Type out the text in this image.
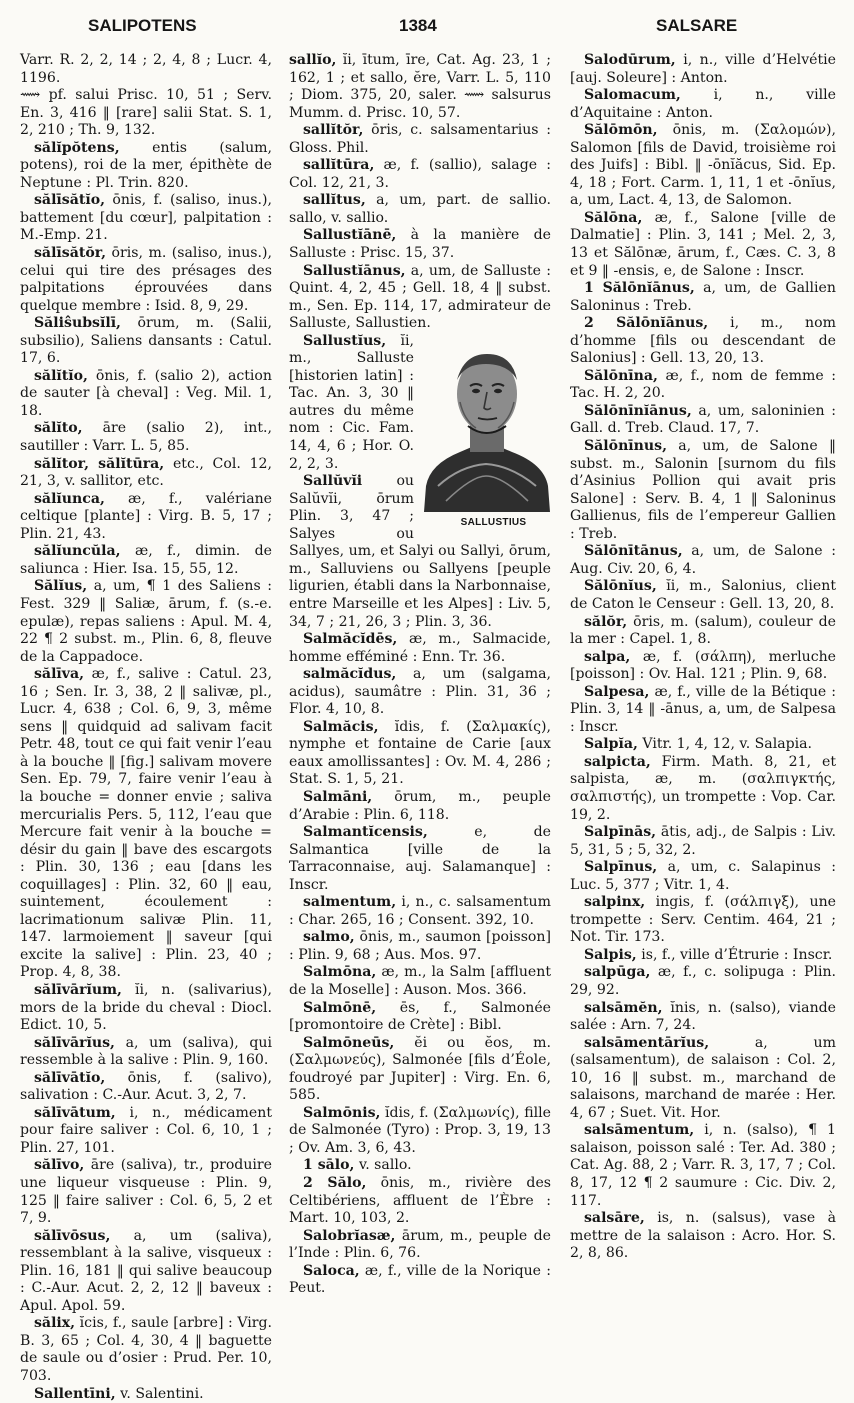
SALIPOTENS	1384	SALSARE

Varr. R. 2, 2, 14 ; 2, 4, 8 ; Lucr. 4, 1196.

⟿ pf. salui Prisc. 10, 51 ; Serv. En. 3, 416 ‖ [rare] salii Stat. S. 1, 2, 210 ; Th. 9, 132.

sălĭpŏtens, entis (salum, potens), roi de la mer, épithète de Neptune : Pl. Trin. 820.

sălīsătĭo, ōnis, f. (saliso, inus.), battement [du cœur], palpitation : M.-Emp. 21.

sălīsătŏr, ōris, m. (saliso, inus.), celui qui tire des présages des palpitations éprouvées dans quelque membre : Isid. 8, 9, 29.

Săliŝubsĭlī, ōrum, m. (Salii, subsilio), Saliens dansants : Catul. 17, 6.

sălĭtĭo, ōnis, f. (salio 2), action de sauter [à cheval] : Veg. Mil. 1, 18.

sălĭto, āre (salio 2), int., sautiller : Varr. L. 5, 85.

sălĭtor, sălĭtūra, etc., Col. 12, 21, 3, v. sallitor, etc.

sălĭunca, æ, f., valériane celtique [plante] : Virg. B. 5, 17 ; Plin. 21, 43.

sălĭuncŭla, æ, f., dimin. de saliunca : Hier. Isa. 15, 55, 12.

Sălĭus, a, um, ¶ 1 des Saliens : Fest. 329 ‖ Saliæ, ārum, f. (s.-e. epulæ), repas saliens : Apul. M. 4, 22 ¶ 2 subst. m., Plin. 6, 8, fleuve de la Cappadoce.

sălīva, æ, f., salive : Catul. 23, 16 ; Sen. Ir. 3, 38, 2 ‖ salivæ, pl., Lucr. 4, 638 ; Col. 6, 9, 3, même sens ‖ quidquid ad salivam facit Petr. 48, tout ce qui fait venir l’eau à la bouche ‖ [fig.] salivam movere Sen. Ep. 79, 7, faire venir l’eau à la bouche = donner envie ; saliva mercurialis Pers. 5, 112, l’eau que Mercure fait venir à la bouche = désir du gain ‖ bave des escargots : Plin. 30, 136 ; eau [dans les coquillages] : Plin. 32, 60 ‖ eau, suintement, écoulement : lacrimationum salivæ Plin. 11, 147. larmoiement ‖ saveur [qui excite la salive] : Plin. 23, 40 ; Prop. 4, 8, 38.

sălīvārĭum, ĭi, n. (salivarius), mors de la bride du cheval : Diocl. Edict. 10, 5.

sălīvārĭus, a, um (saliva), qui ressemble à la salive : Plin. 9, 160.

sălīvātĭo, ōnis, f. (salivo), salivation : C.-Aur. Acut. 3, 2, 7.

sălīvātum, i, n., médicament pour faire saliver : Col. 6, 10, 1 ; Plin. 27, 101.

sălīvo, āre (saliva), tr., produire une liqueur visqueuse : Plin. 9, 125 ‖ faire saliver : Col. 6, 5, 2 et 7, 9.

sălīvōsus, a, um (saliva), ressemblant à la salive, visqueux : Plin. 16, 181 ‖ qui salive beaucoup : C.-Aur. Acut. 2, 2, 12 ‖ baveux : Apul. Apol. 59.

sălix, ĭcis, f., saule [arbre] : Virg. B. 3, 65 ; Col. 4, 30, 4 ‖ baguette de saule ou d’osier : Prud. Per. 10, 703.

Sallentīni, v. Salentini.

sallĭo, ĭi, ītum, īre, Cat. Ag. 23, 1 ; 162, 1 ; et sallo, ĕre, Varr. L. 5, 110 ; Diom. 375, 20, saler. ⟿ salsurus Mumm. d. Prisc. 10, 57.

sallĭtŏr, ōris, c. salsamentarius : Gloss. Phil.

sallĭtūra, æ, f. (sallio), salage : Col. 12, 21, 3.

sallĭtus, a, um, part. de sallio. sallo, v. sallio.

Sallustĭānē, à la manière de Salluste : Prisc. 15, 37.

Sallustĭānus, a, um, de Salluste : Quint. 4, 2, 45 ; Gell. 18, 4 ‖ subst. m., Sen. Ep. 114, 17, admirateur de Salluste, Sallustien.

SALLUSTIUS
Sallustĭus, ĭi, m., Salluste [historien latin] : Tac. An. 3, 30 ‖ autres du même nom : Cic. Fam. 14, 4, 6 ; Hor. O. 2, 2, 3.

Sallŭvĭi ou Salŭvĭi, ōrum Plin. 3, 47 ; Salyes ou Sallyes, um, et Salyi ou Sallyi, ōrum, m., Salluviens ou Sallyens [peuple ligurien, établi dans la Narbonnaise, entre Marseille et les Alpes] : Liv. 5, 34, 7 ; 21, 26, 3 ; Plin. 3, 36.

Salmăcĭdēs, æ, m., Salmacide, homme efféminé : Enn. Tr. 36.

salmăcĭdus, a, um (salgama, acidus), saumâtre : Plin. 31, 36 ; Flor. 4, 10, 8.

Salmăcis, ĭdis, f. (Σαλμακίς), nymphe et fontaine de Carie [aux eaux amollissantes] : Ov. M. 4, 286 ; Stat. S. 1, 5, 21.

Salmāni, ōrum, m., peuple d’Arabie : Plin. 6, 118.

Salmantĭcensis,	e, de Salmantica [ville de la Tarraconnaise, auj. Salamanque] : Inscr.

salmentum, i, n., c. salsamentum : Char. 265, 16 ; Consent. 392, 10.

salmo, ōnis, m., saumon [poisson] : Plin. 9, 68 ; Aus. Mos. 97.

Salmōna, æ, m., la Salm [affluent de la Moselle] : Auson. Mos. 366.

Salmōnē, ēs, f., Salmonée [promontoire de Crète] : Bibl.

Salmōneūs, ĕi ou ĕos, m. (Σαλμωνεύς), Salmonée [fils d’Éole, foudroyé par Jupiter] : Virg. En. 6, 585.

Salmōnis, ĭdis, f. (Σαλμωνίς), fille de Salmonée (Tyro) : Prop. 3, 19, 13 ; Ov. Am. 3, 6, 43.

1 sālo, v. sallo.

2 Sălo, ōnis, m., rivière des Celtibériens, affluent de l’Èbre : Mart. 10, 103, 2.

Salobrĭasæ, ārum, m., peuple de l’Inde : Plin. 6, 76.

Saloca, æ, f., ville de la Norique : Peut.

Salodūrum, i, n., ville d’Helvétie [auj. Soleure] : Anton.

Salomacum, i, n., ville d’Aquitaine : Anton.

Sălōmōn, ōnis, m. (Σαλομών), Salomon [fils de David, troisième roi des Juifs] : Bibl. ‖ -ōnĭăcus, Sid. Ep. 4, 18 ; Fort. Carm. 1, 11, 1 et -ōnĭus, a, um, Lact. 4, 13, de Salomon.

Sălōna, æ, f., Salone [ville de Dalmatie] : Plin. 3, 141 ; Mel. 2, 3, 13 et Sălōnæ, ārum, f., Cæs. C. 3, 8 et 9 ‖ -ensis, e, de Salone : Inscr.

1 Sălōnĭānus, a, um, de Gallien Saloninus : Treb.

2 Sălōnĭānus, i, m., nom d’homme [fils ou descendant de Salonius] : Gell. 13, 20, 13.

Sălōnīna, æ, f., nom de femme : Tac. H. 2, 20.

Sălōnīnĭānus, a, um, saloninien : Gall. d. Treb. Claud. 17, 7.

Sălōnīnus, a, um, de Salone ‖ subst. m., Salonin [surnom du fils d’Asinius Pollion qui avait pris Salone] : Serv. B. 4, 1 ‖ Saloninus Gallienus, fils de l’empereur Gallien : Treb.

Sălōnītānus, a, um, de Salone : Aug. Civ. 20, 6, 4.

Sălōnĭus, ĭi, m., Salonius, client de Caton le Censeur : Gell. 13, 20, 8.

sălŏr, ōris, m. (salum), couleur de la mer : Capel. 1, 8.

salpa, æ, f. (σάλπη), merluche [poisson] : Ov. Hal. 121 ; Plin. 9, 68.

Salpesa, æ, f., ville de la Bétique : Plin. 3, 14 ‖ -ānus, a, um, de Salpesa : Inscr.

Salpĭa, Vitr. 1, 4, 12, v. Salapia.

salpicta, Firm. Math. 8, 21, et salpista, æ, m. (σαλπιγκτής, σαλπιστής), un trompette : Vop. Car. 19, 2.

Salpīnās, ātis, adj., de Salpis : Liv. 5, 31, 5 ; 5, 32, 2.

Salpīnus, a, um, c. Salapinus : Luc. 5, 377 ; Vitr. 1, 4.

salpinx, ingis, f. (σάλπιγξ), une trompette : Serv. Centim. 464, 21 ; Not. Tir. 173.

Salpis, is, f., ville d’Étrurie : Inscr.

salpūga, æ, f., c. solipuga : Plin. 29, 92.

salsāmĕn, ĭnis, n. (salso), viande salée : Arn. 7, 24.

salsāmentārĭus,	a, um (salsamentum), de salaison : Col. 2, 10, 16 ‖ subst. m., marchand de salaisons, marchand de marée : Her. 4, 67 ; Suet. Vit. Hor.

salsāmentum, i, n. (salso), ¶ 1 salaison, poisson salé : Ter. Ad. 380 ; Cat. Ag. 88, 2 ; Varr. R. 3, 17, 7 ; Col. 8, 17, 12 ¶ 2 saumure : Cic. Div. 2, 117.

salsāre, is, n. (salsus), vase à mettre de la salaison : Acro. Hor. S. 2, 8, 86.
